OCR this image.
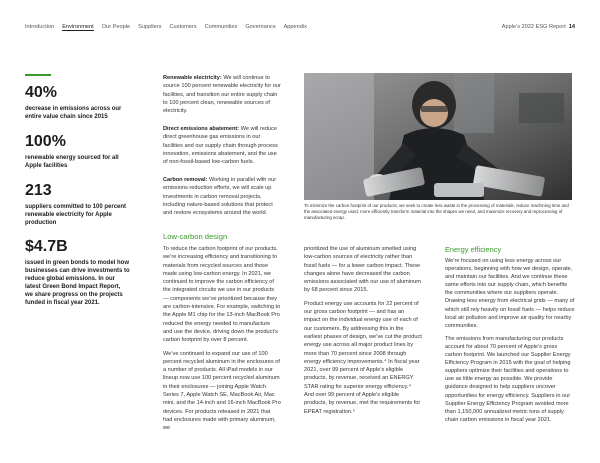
Introduction Environment Our People Suppliers Customers Communities Governance Appendix	Apple’s 2022 ESG Report 14
40%
decrease in emissions across our entire value chain since 2015
100%
renewable energy sourced for all Apple facilities
213
suppliers committed to 100 percent renewable electricity for Apple production
$4.7B
issued in green bonds to model how businesses can drive investments to reduce global emissions. In our latest Green Bond Impact Report, we share progress on the projects funded in fiscal year 2021.
Renewable electricity: We will continue to source 100 percent renewable electricity for our facilities, and transition our entire supply chain to 100 percent clean, renewable sources of electricity.
Direct emissions abatement: We will reduce direct greenhouse gas emissions in our facilities and our supply chain through process innovation, emissions abatement, and the use of non-fossil-based low-carbon fuels.
Carbon removal: Working in parallel with our emissions reduction efforts, we will scale up investments in carbon removal projects, including nature-based solutions that protect and restore ecosystems around the world.
To minimize the carbon footprint of our products, we seek to create less waste in the processing of materials, reduce machining time and the associated energy used, more efficiently transform material into the shapes we need, and maximize recovery and reprocessing of manufacturing scrap.
Low-carbon design
To reduce the carbon footprint of our products, we’re increasing efficiency and transitioning to materials from recycled sources and those made using low-carbon energy. In 2021, we continued to improve the carbon efficiency of the integrated circuits we use in our products — components we’ve prioritized because they are carbon-intensive. For example, switching to the Apple M1 chip for the 13-inch MacBook Pro reduced the energy needed to manufacture and use the device, driving down the product’s carbon footprint by over 8 percent.
We’ve continued to expand our use of 100 percent recycled aluminum in the enclosures of a number of products. All iPad models in our lineup now use 100 percent recycled aluminum in their enclosures — joining Apple Watch Series 7, Apple Watch SE, MacBook Air, Mac mini, and the 14-inch and 16-inch MacBook Pro devices. For products released in 2021 that had enclosures made with primary aluminum, we
prioritized the use of aluminum smelted using low-carbon sources of electricity rather than fossil fuels — for a lower carbon impact. These changes alone have decreased the carbon emissions associated with our use of aluminum by 68 percent since 2015.
Product energy use accounts for 22 percent of our gross carbon footprint — and has an impact on the individual energy use of each of our customers. By addressing this in the earliest phases of design, we’ve cut the product energy use across all major product lines by more than 70 percent since 2008 through energy efficiency improvements.⁴ In fiscal year 2021, over 99 percent of Apple’s eligible products, by revenue, received an ENERGY STAR rating for superior energy efficiency.⁴ And over 99 percent of Apple’s eligible products, by revenue, met the requirements for EPEAT registration.⁵
Energy efficiency
We’re focused on using less energy across our operations, beginning with how we design, operate, and maintain our facilities. And we continue these same efforts into our supply chain, which benefits the communities where our suppliers operate. Drawing less energy from electrical grids — many of which still rely heavily on fossil fuels — helps reduce local air pollution and improve air quality for nearby communities.
The emissions from manufacturing our products account for about 70 percent of Apple’s gross carbon footprint. We launched our Supplier Energy Efficiency Program in 2015 with the goal of helping suppliers optimize their facilities and operations to use as little energy as possible. We provide guidance designed to help suppliers uncover opportunities for energy efficiency. Suppliers in our Supplier Energy Efficiency Program avoided more than 1,150,000 annualized metric tons of supply chain carbon emissions in fiscal year 2021.
